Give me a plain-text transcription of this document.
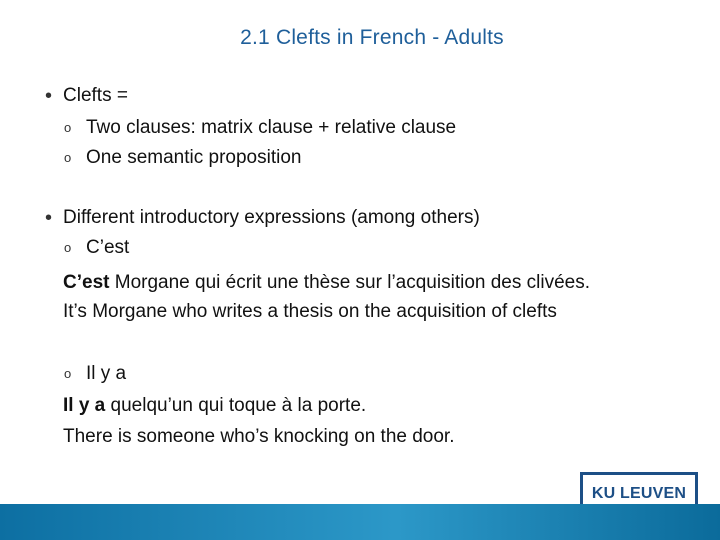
2.1 Clefts in French - Adults
• Clefts =
o Two clauses: matrix clause + relative clause
o One semantic proposition
• Different introductory expressions (among others)
o C’est
C’est Morgane qui écrit une thèse sur l’acquisition des clivées.
It’s Morgane who writes a thesis on the acquisition of clefts
o Il y a
Il y a quelqu’un qui toque à la porte.
There is someone who’s knocking on the door.
KU LEUVEN
